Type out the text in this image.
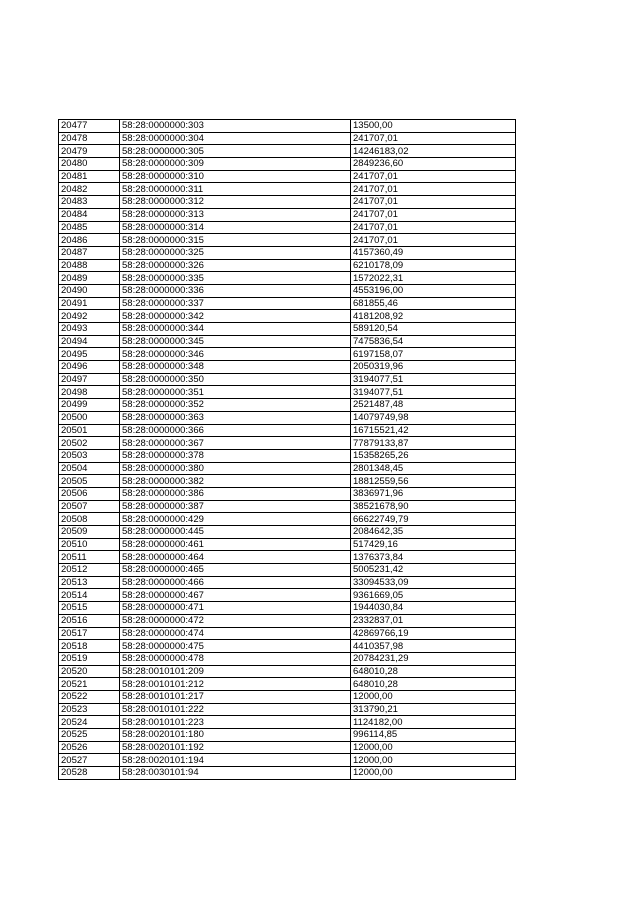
20477	58:28:0000000:303	13500,00
20478	58:28:0000000:304	241707,01
20479	58:28:0000000:305	14246183,02
20480	58:28:0000000:309	2849236,60
20481	58:28:0000000:310	241707,01
20482	58:28:0000000:311	241707,01
20483	58:28:0000000:312	241707,01
20484	58:28:0000000:313	241707,01
20485	58:28:0000000:314	241707,01
20486	58:28:0000000:315	241707,01
20487	58:28:0000000:325	4157360,49
20488	58:28:0000000:326	6210178,09
20489	58:28:0000000:335	1572022,31
20490	58:28:0000000:336	4553196,00
20491	58:28:0000000:337	681855,46
20492	58:28:0000000:342	4181208,92
20493	58:28:0000000:344	589120,54
20494	58:28:0000000:345	7475836,54
20495	58:28:0000000:346	6197158,07
20496	58:28:0000000:348	2050319,96
20497	58:28:0000000:350	3194077,51
20498	58:28:0000000:351	3194077,51
20499	58:28:0000000:352	2521487,48
20500	58:28:0000000:363	14079749,98
20501	58:28:0000000:366	16715521,42
20502	58:28:0000000:367	77879133,87
20503	58:28:0000000:378	15358265,26
20504	58:28:0000000:380	2801348,45
20505	58:28:0000000:382	18812559,56
20506	58:28:0000000:386	3836971,96
20507	58:28:0000000:387	38521678,90
20508	58:28:0000000:429	66622749,79
20509	58:28:0000000:445	2084642,35
20510	58:28:0000000:461	517429,16
20511	58:28:0000000:464	1376373,84
20512	58:28:0000000:465	5005231,42
20513	58:28:0000000:466	33094533,09
20514	58:28:0000000:467	9361669,05
20515	58:28:0000000:471	1944030,84
20516	58:28:0000000:472	2332837,01
20517	58:28:0000000:474	42869766,19
20518	58:28:0000000:475	4410357,98
20519	58:28:0000000:478	20784231,29
20520	58:28:0010101:209	648010,28
20521	58:28:0010101:212	648010,28
20522	58:28:0010101:217	12000,00
20523	58:28:0010101:222	313790,21
20524	58:28:0010101:223	1124182,00
20525	58:28:0020101:180	996114,85
20526	58:28:0020101:192	12000,00
20527	58:28:0020101:194	12000,00
20528	58:28:0030101:94	12000,00
